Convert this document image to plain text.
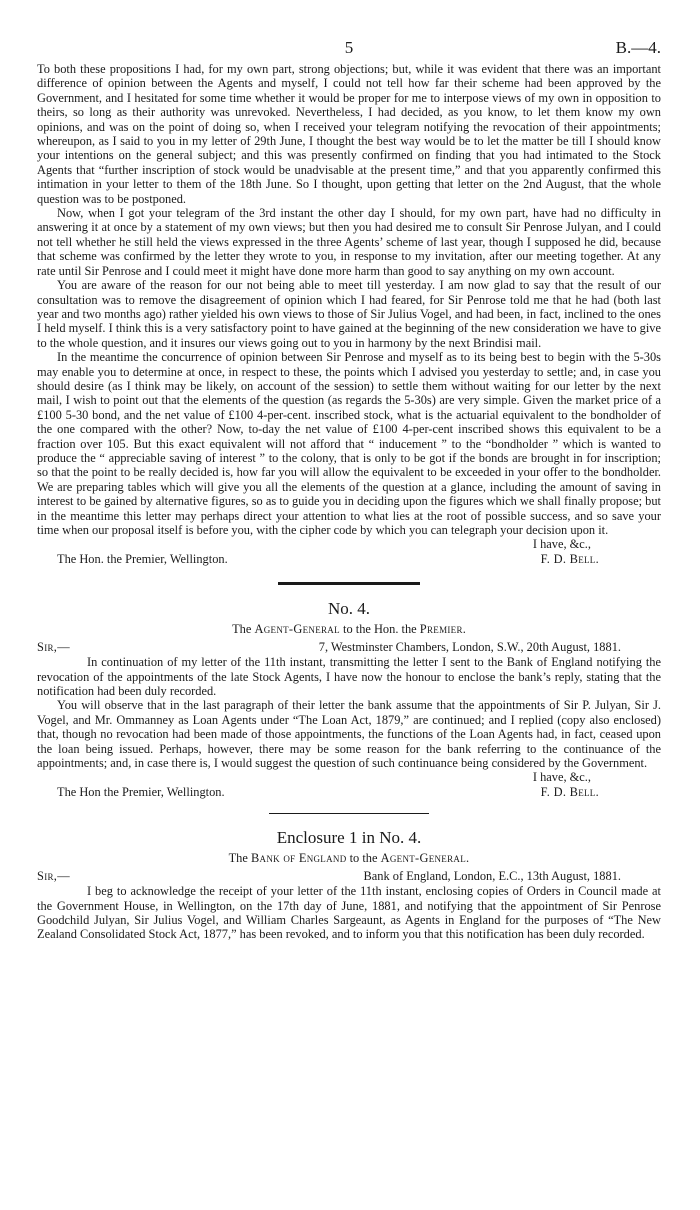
5	B.—4.

To both these propositions I had, for my own part, strong objections; but, while it was evident that there was an important difference of opinion between the Agents and myself, I could not tell how far their scheme had been approved by the Government, and I hesitated for some time whether it would be proper for me to interpose views of my own in opposition to theirs, so long as their authority was unrevoked. Nevertheless, I had decided, as you know, to let them know my own opinions, and was on the point of doing so, when I received your telegram notifying the revocation of their appointments; whereupon, as I said to you in my letter of 29th June, I thought the best way would be to let the matter be till I should know your intentions on the general subject; and this was presently confirmed on finding that you had intimated to the Stock Agents that “further inscription of stock would be unadvisable at the present time,” and that you apparently confirmed this intimation in your letter to them of the 18th June. So I thought, upon getting that letter on the 2nd August, that the whole question was to be postponed.

Now, when I got your telegram of the 3rd instant the other day I should, for my own part, have had no difficulty in answering it at once by a statement of my own views; but then you had desired me to consult Sir Penrose Julyan, and I could not tell whether he still held the views expressed in the three Agents’ scheme of last year, though I supposed he did, because that scheme was confirmed by the letter they wrote to you, in response to my invitation, after our meeting together. At any rate until Sir Penrose and I could meet it might have done more harm than good to say anything on my own account.

You are aware of the reason for our not being able to meet till yesterday. I am now glad to say that the result of our consultation was to remove the disagreement of opinion which I had feared, for Sir Penrose told me that he had (both last year and two months ago) rather yielded his own views to those of Sir Julius Vogel, and had been, in fact, inclined to the ones I held myself. I think this is a very satisfactory point to have gained at the beginning of the new consideration we have to give to the whole question, and it insures our views going out to you in harmony by the next Brindisi mail.

In the meantime the concurrence of opinion between Sir Penrose and myself as to its being best to begin with the 5-30s may enable you to determine at once, in respect to these, the points which I advised you yesterday to settle; and, in case you should desire (as I think may be likely, on account of the session) to settle them without waiting for our letter by the next mail, I wish to point out that the elements of the question (as regards the 5-30s) are very simple. Given the market price of a £100 5-30 bond, and the net value of £100 4-per-cent. inscribed stock, what is the actuarial equivalent to the bondholder of the one compared with the other? Now, to-day the net value of £100 4-per-cent inscribed shows this equivalent to be a fraction over 105. But this exact equivalent will not afford that “ inducement ” to the “bondholder ” which is wanted to produce the “ appreciable saving of interest ” to the colony, that is only to be got if the bonds are brought in for inscription; so that the point to be really decided is, how far you will allow the equivalent to be exceeded in your offer to the bondholder. We are preparing tables which will give you all the elements of the question at a glance, including the amount of saving in interest to be gained by alternative figures, so as to guide you in deciding upon the figures which we shall finally propose; but in the meantime this letter may perhaps direct your attention to what lies at the root of possible success, and so save your time when our proposal itself is before you, with the cipher code by which you can telegraph your decision upon it.

I have, &c.,
The Hon. the Premier, Wellington.	F. D. Bell.
No. 4.
The Agent-General to the Hon. the Premier.
Sir,—	7, Westminster Chambers, London, S.W., 20th August, 1881.

In continuation of my letter of the 11th instant, transmitting the letter I sent to the Bank of England notifying the revocation of the appointments of the late Stock Agents, I have now the honour to enclose the bank’s reply, stating that the notification had been duly recorded.

You will observe that in the last paragraph of their letter the bank assume that the appointments of Sir P. Julyan, Sir J. Vogel, and Mr. Ommanney as Loan Agents under “The Loan Act, 1879,” are continued; and I replied (copy also enclosed) that, though no revocation had been made of those appointments, the functions of the Loan Agents had, in fact, ceased upon the loan being issued. Perhaps, however, there may be some reason for the bank referring to the continuance of the appointments; and, in case there is, I would suggest the question of such continuance being considered by the Government.

I have, &c.,
The Hon the Premier, Wellington.	F. D. Bell.
Enclosure 1 in No. 4.
The Bank of England to the Agent-General.
Sir,—	Bank of England, London, E.C., 13th August, 1881.

I beg to acknowledge the receipt of your letter of the 11th instant, enclosing copies of Orders in Council made at the Government House, in Wellington, on the 17th day of June, 1881, and notifying that the appointment of Sir Penrose Goodchild Julyan, Sir Julius Vogel, and William Charles Sargeaunt, as Agents in England for the purposes of “The New Zealand Consolidated Stock Act, 1877,” has been revoked, and to inform you that this notification has been duly recorded.
